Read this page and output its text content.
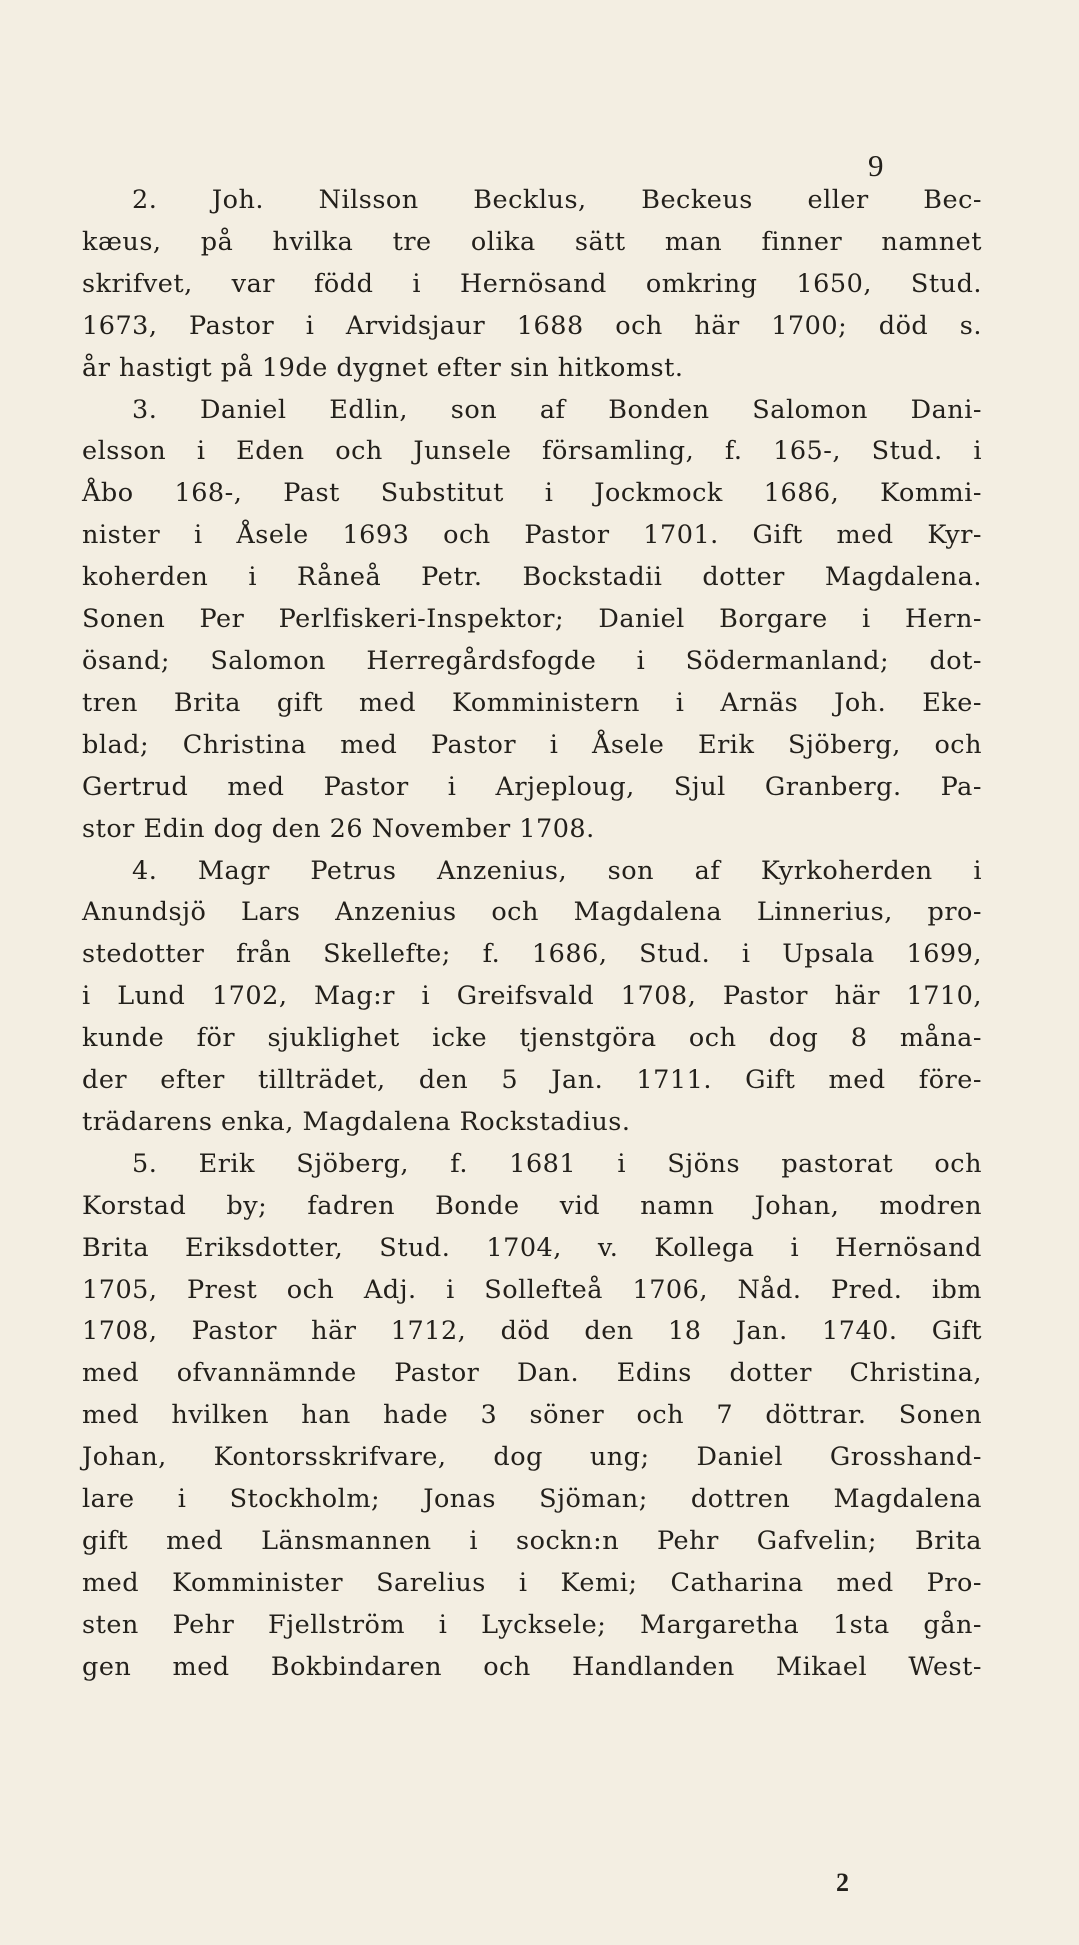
9
2. Joh. Nilsson Becklus, Beckeus eller Bec-
kæus, på hvilka tre olika sätt man finner namnet
skrifvet, var född i Hernösand omkring 1650, Stud.
1673, Pastor i Arvidsjaur 1688 och här 1700; död s.
år hastigt på 19de dygnet efter sin hitkomst.
3. Daniel Edlin, son af Bonden Salomon Dani-
elsson i Eden och Junsele församling, f. 165-, Stud. i
Åbo 168-, Past Substitut i Jockmock 1686, Kommi-
nister i Åsele 1693 och Pastor 1701. Gift med Kyr-
koherden i Råneå Petr. Bockstadii dotter Magdalena.
Sonen Per Perlfiskeri-Inspektor; Daniel Borgare i Hern-
ösand; Salomon Herregårdsfogde i Södermanland; dot-
tren Brita gift med Komministern i Arnäs Joh. Eke-
blad; Christina med Pastor i Åsele Erik Sjöberg, och
Gertrud med Pastor i Arjeploug, Sjul Granberg. Pa-
stor Edin dog den 26 November 1708.
4. Magr Petrus Anzenius, son af Kyrkoherden i
Anundsjö Lars Anzenius och Magdalena Linnerius, pro-
stedotter från Skelleftе; f. 1686, Stud. i Upsala 1699,
i Lund 1702, Mag:r i Greifsvald 1708, Pastor här 1710,
kunde för sjuklighet icke tjenstgöra och dog 8 måna-
der efter tillträdet, den 5 Jan. 1711. Gift med före-
trädarens enka, Magdalena Rockstadius.
5. Erik Sjöberg, f. 1681 i Sjöns pastorat och
Korstad by; fadren Bonde vid namn Johan, modren
Brita Eriksdotter, Stud. 1704, v. Kollega i Hernösand
1705, Prest och Adj. i Sollefteå 1706, Nåd. Pred. ibm
1708, Pastor här 1712, död den 18 Jan. 1740. Gift
med ofvannämnde Pastor Dan. Edins dotter Christina,
med hvilken han hade 3 söner och 7 döttrar. Sonen
Johan, Kontorsskrifvare, dog ung; Daniel Grosshand-
lare i Stockholm; Jonas Sjöman; dottren Magdalena
gift med Länsmannen i sockn:n Pehr Gafvelin; Brita
med Komminister Sarelius i Kemi; Catharina med Pro-
sten Pehr Fjellström i Lycksele; Margaretha 1sta gån-
gen med Bokbindaren och Handlanden Mikael West-
2
